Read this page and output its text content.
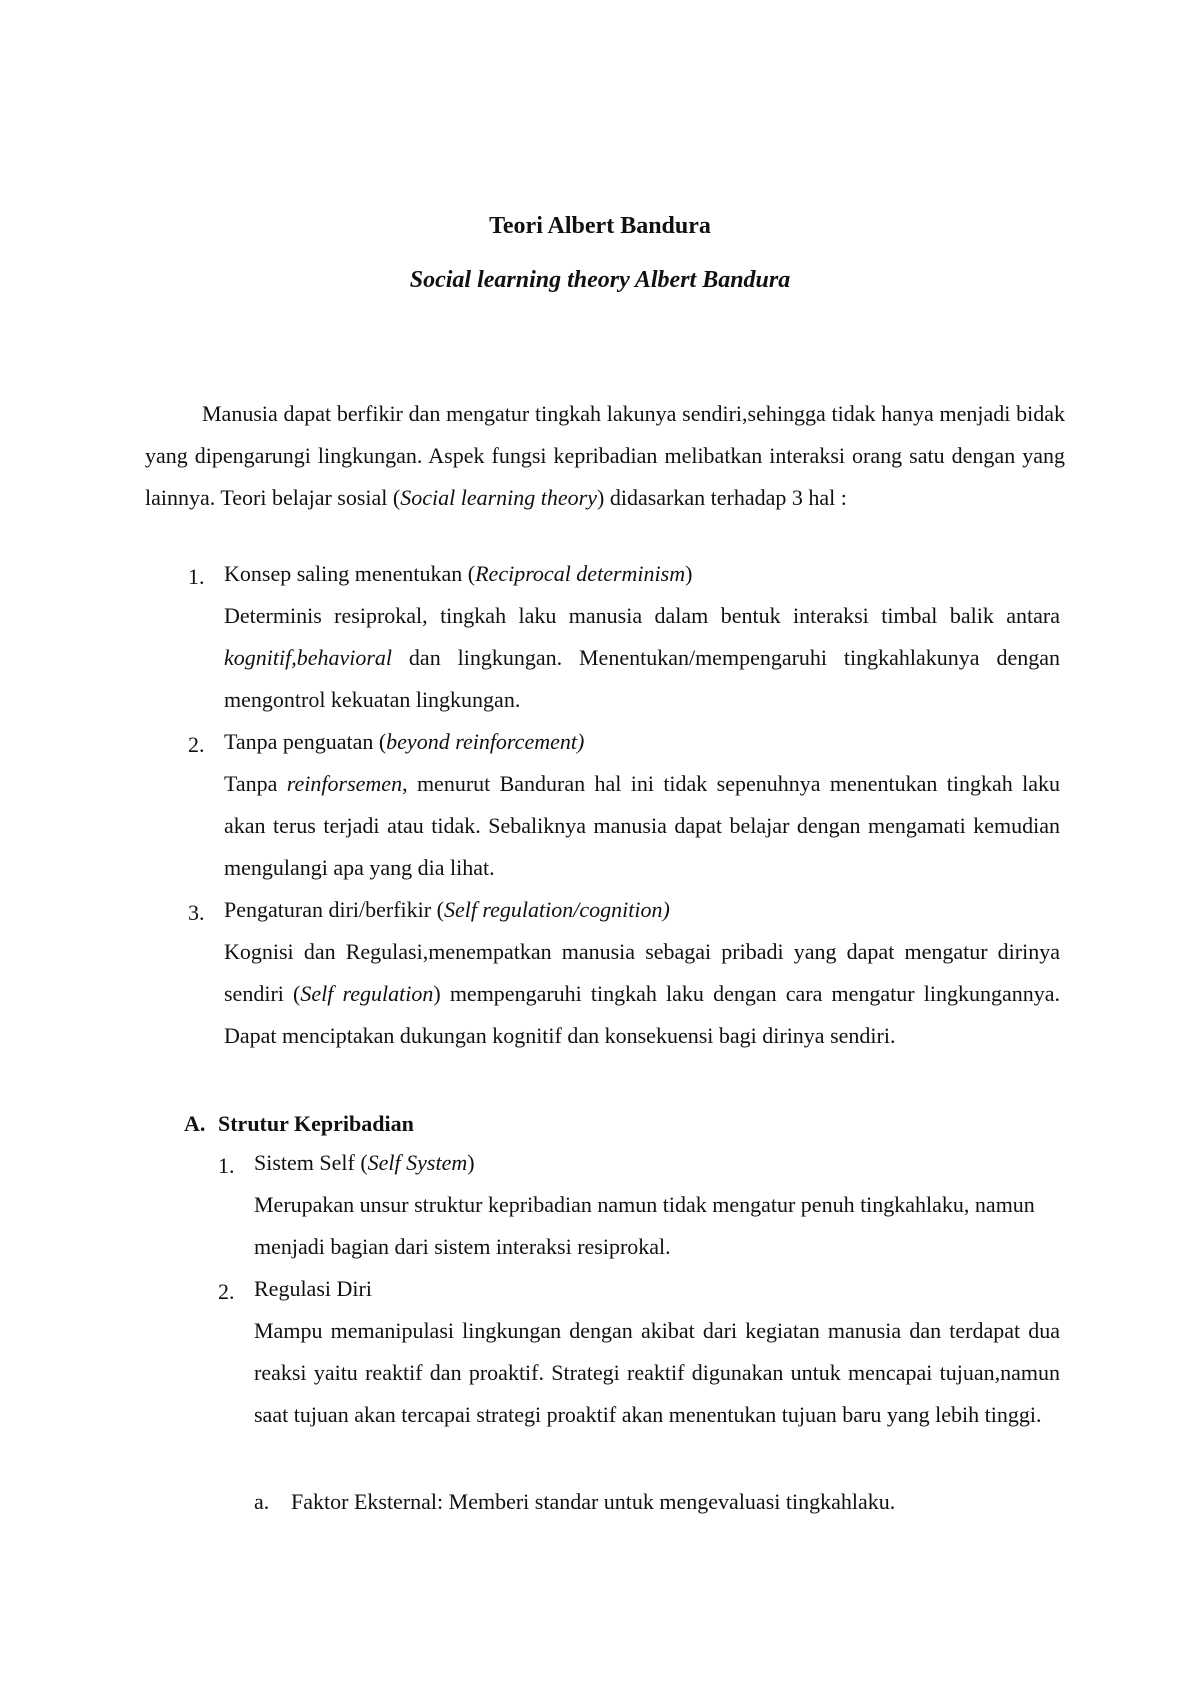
Teori Albert Bandura
Social learning theory Albert Bandura

Manusia dapat berfikir dan mengatur tingkah lakunya sendiri,sehingga tidak hanya menjadi bidak yang dipengarungi lingkungan. Aspek fungsi kepribadian melibatkan interaksi orang satu dengan yang lainnya. Teori belajar sosial (Social learning theory) didasarkan terhadap 3 hal :

1. Konsep saling menentukan (Reciprocal determinism)

Determinis resiprokal, tingkah laku manusia dalam bentuk interaksi timbal balik antara kognitif,behavioral dan lingkungan. Menentukan/mempengaruhi tingkahlakunya dengan mengontrol kekuatan lingkungan.

2. Tanpa penguatan (beyond reinforcement)

Tanpa reinforsemen, menurut Banduran hal ini tidak sepenuhnya menentukan tingkah laku akan terus terjadi atau tidak. Sebaliknya manusia dapat belajar dengan mengamati kemudian mengulangi apa yang dia lihat.

3. Pengaturan diri/berfikir (Self regulation/cognition)

Kognisi dan Regulasi,menempatkan manusia sebagai pribadi yang dapat mengatur dirinya sendiri (Self regulation) mempengaruhi tingkah laku dengan cara mengatur lingkungannya. Dapat menciptakan dukungan kognitif dan konsekuensi bagi dirinya sendiri.

A. Strutur Kepribadian
1. Sistem Self (Self System)

Merupakan unsur struktur kepribadian namun tidak mengatur penuh tingkahlaku, namun menjadi bagian dari sistem interaksi resiprokal.

2. Regulasi Diri

Mampu memanipulasi lingkungan dengan akibat dari kegiatan manusia dan terdapat dua reaksi yaitu reaktif dan proaktif. Strategi reaktif digunakan untuk mencapai tujuan,namun saat tujuan akan tercapai strategi proaktif akan menentukan tujuan baru yang lebih tinggi.

a. Faktor Eksternal: Memberi standar untuk mengevaluasi tingkahlaku.
